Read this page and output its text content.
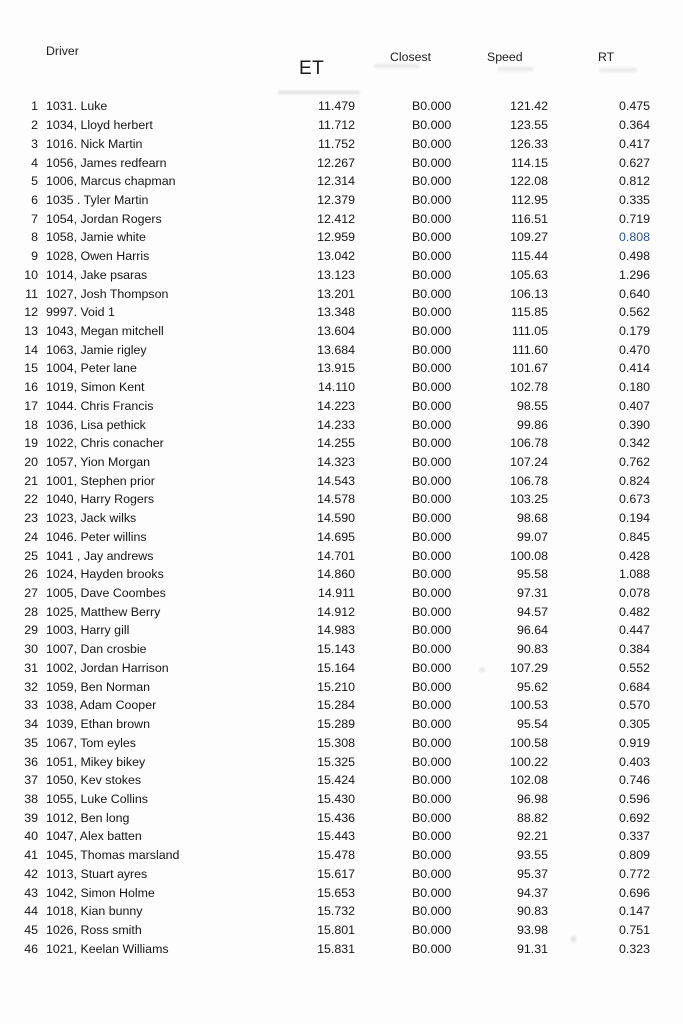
Driver
ET
Closest	Speed	RT
1 1031. Luke	11.479	B0.000	121.42	0.475
2 1034, Lloyd herbert	11.712	B0.000	123.55	0.364
3 1016. Nick Martin	11.752	B0.000	126.33	0.417
4 1056, James redfearn	12.267	B0.000	114.15	0.627
5 1006, Marcus chapman	12.314	B0.000	122.08	0.812
6 1035 . Tyler Martin	12.379	B0.000	112.95	0.335
7 1054, Jordan Rogers	12.412	B0.000	116.51	0.719
8 1058, Jamie white	12.959	B0.000	109.27	0.808
9 1028, Owen Harris	13.042	B0.000	115.44	0.498
10 1014, Jake psaras	13.123	B0.000	105.63	1.296
11 1027, Josh Thompson	13.201	B0.000	106.13	0.640
12 9997. Void 1	13.348	B0.000	115.85	0.562
13 1043, Megan mitchell	13.604	B0.000	111.05	0.179
14 1063, Jamie rigley	13.684	B0.000	111.60	0.470
15 1004, Peter lane	13.915	B0.000	101.67	0.414
16 1019, Simon Kent	14.110	B0.000	102.78	0.180
17 1044. Chris Francis	14.223	B0.000	98.55	0.407
18 1036, Lisa pethick	14.233	B0.000	99.86	0.390
19 1022, Chris conacher	14.255	B0.000	106.78	0.342
20 1057, Yion Morgan	14.323	B0.000	107.24	0.762
21 1001, Stephen prior	14.543	B0.000	106.78	0.824
22 1040, Harry Rogers	14.578	B0.000	103.25	0.673
23 1023, Jack wilks	14.590	B0.000	98.68	0.194
24 1046. Peter willins	14.695	B0.000	99.07	0.845
25 1041 , Jay andrews	14.701	B0.000	100.08	0.428
26 1024, Hayden brooks	14.860	B0.000	95.58	1.088
27 1005, Dave Coombes	14.911	B0.000	97.31	0.078
28 1025, Matthew Berry	14.912	B0.000	94.57	0.482
29 1003, Harry gill	14.983	B0.000	96.64	0.447
30 1007, Dan crosbie	15.143	B0.000	90.83	0.384
31 1002, Jordan Harrison	15.164	B0.000	107.29	0.552
32 1059, Ben Norman	15.210	B0.000	95.62	0.684
33 1038, Adam Cooper	15.284	B0.000	100.53	0.570
34 1039, Ethan brown	15.289	B0.000	95.54	0.305
35 1067, Tom eyles	15.308	B0.000	100.58	0.919
36 1051, Mikey bikey	15.325	B0.000	100.22	0.403
37 1050, Kev stokes	15.424	B0.000	102.08	0.746
38 1055, Luke Collins	15.430	B0.000	96.98	0.596
39 1012, Ben long	15.436	B0.000	88.82	0.692
40 1047, Alex batten	15.443	B0.000	92.21	0.337
41 1045, Thomas marsland	15.478	B0.000	93.55	0.809
42 1013, Stuart ayres	15.617	B0.000	95.37	0.772
43 1042, Simon Holme	15.653	B0.000	94.37	0.696
44 1018, Kian bunny	15.732	B0.000	90.83	0.147
45 1026, Ross smith	15.801	B0.000	93.98	0.751
46 1021, Keelan Williams	15.831	B0.000	91.31	0.323
